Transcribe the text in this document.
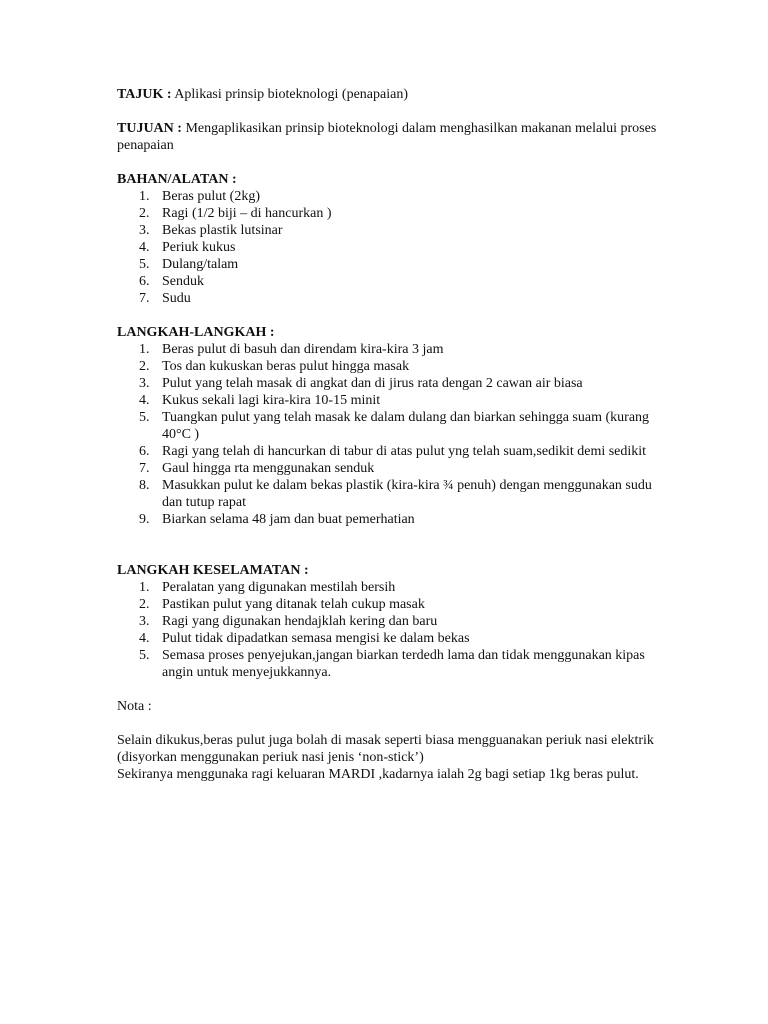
TAJUK : Aplikasi prinsip bioteknologi (penapaian)

TUJUAN : Mengaplikasikan prinsip bioteknologi dalam menghasilkan makanan melalui proses penapaian

BAHAN/ALATAN :

1. Beras pulut (2kg)
2. Ragi (1/2 biji – di hancurkan )
3. Bekas plastik lutsinar
4. Periuk kukus
5. Dulang/talam
6. Senduk
7. Sudu

LANGKAH-LANGKAH :

1. Beras pulut di basuh dan direndam kira-kira 3 jam
2. Tos dan kukuskan beras pulut hingga masak
3. Pulut yang telah masak di angkat dan di jirus rata dengan 2 cawan air biasa
4. Kukus sekali lagi kira-kira 10-15 minit
5. Tuangkan pulut yang telah masak ke dalam dulang dan biarkan sehingga suam (kurang 40°C )
6. Ragi yang telah di hancurkan di tabur di atas pulut yng telah suam,sedikit demi sedikit
7. Gaul hingga rta menggunakan senduk
8. Masukkan pulut ke dalam bekas plastik (kira-kira ¾ penuh) dengan menggunakan sudu dan tutup rapat
9. Biarkan selama 48 jam dan buat pemerhatian

LANGKAH KESELAMATAN :

1. Peralatan yang digunakan mestilah bersih
2. Pastikan pulut yang ditanak telah cukup masak
3. Ragi yang digunakan hendajklah kering dan baru
4. Pulut tidak dipadatkan semasa mengisi ke dalam bekas
5. Semasa proses penyejukan,jangan biarkan terdedh lama dan tidak menggunakan kipas angin untuk menyejukkannya.

Nota :

Selain dikukus,beras pulut juga bolah di masak seperti biasa mengguanakan periuk nasi elektrik (disyorkan menggunakan periuk nasi jenis ‘non-stick’)

Sekiranya menggunaka ragi keluaran MARDI ,kadarnya ialah 2g bagi setiap 1kg beras pulut.
